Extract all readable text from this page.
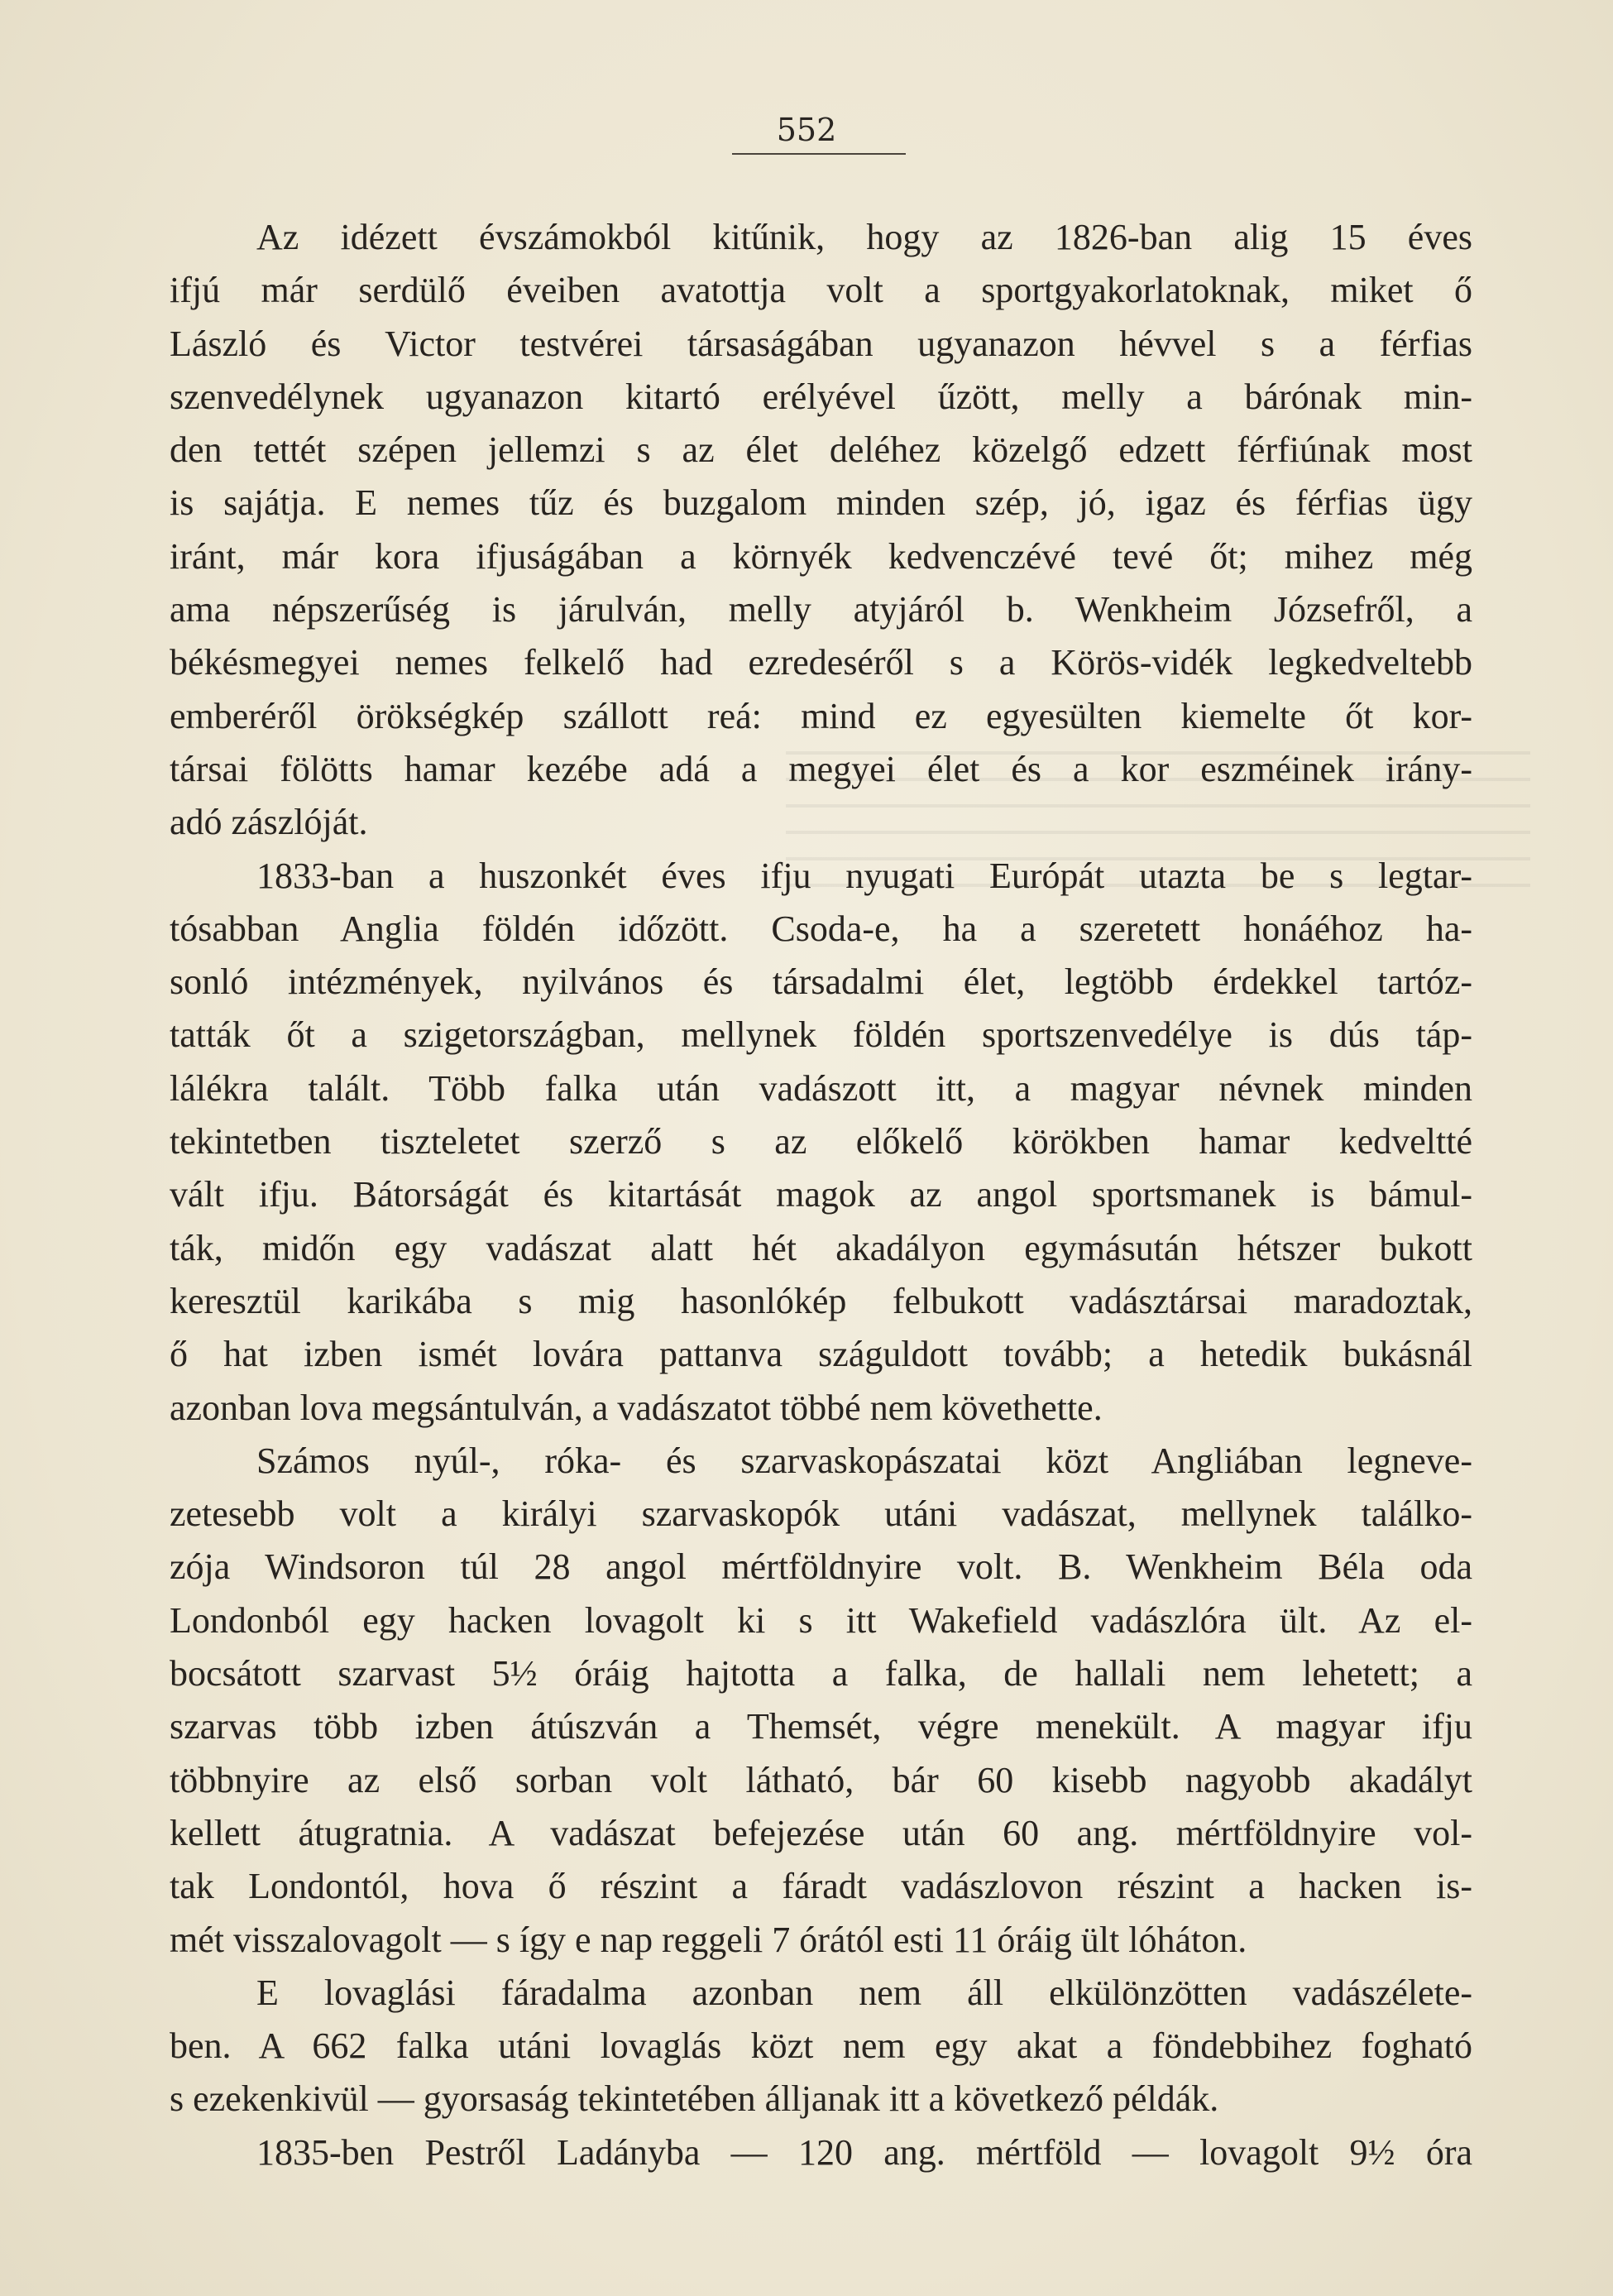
552
Az idézett évszámokból kitűnik, hogy az 1826-ban alig 15 éves
ifjú már serdülő éveiben avatottja volt a sportgyakorlatoknak, miket ő
László és Victor testvérei társaságában ugyanazon hévvel s a férfias
szenvedélynek ugyanazon kitartó erélyével űzött, melly a bárónak min-
den tettét szépen jellemzi s az élet deléhez közelgő edzett férfiúnak most
is sajátja. E nemes tűz és buzgalom minden szép, jó, igaz és férfias ügy
iránt, már kora ifjuságában a környék kedvenczévé tevé őt; mihez még
ama népszerűség is járulván, melly atyjáról b. Wenkheim Józsefről, a
békésmegyei nemes felkelő had ezredeséről s a Körös-vidék legkedveltebb
emberéről örökségkép szállott reá: mind ez egyesülten kiemelte őt kor-
társai fölötts hamar kezébe adá a megyei élet és a kor eszméinek irány-
adó zászlóját.
1833-ban a huszonkét éves ifju nyugati Európát utazta be s legtar-
tósabban Anglia földén időzött. Csoda-e, ha a szeretett honáéhoz ha-
sonló intézmények, nyilvános és társadalmi élet, legtöbb érdekkel tartóz-
tatták őt a szigetországban, mellynek földén sportszenvedélye is dús táp-
lálékra talált. Több falka után vadászott itt, a magyar névnek minden
tekintetben tiszteletet szerző s az előkelő körökben hamar kedveltté
vált ifju. Bátorságát és kitartását magok az angol sportsmanek is bámul-
ták, midőn egy vadászat alatt hét akadályon egymásután hétszer bukott
keresztül karikába s mig hasonlókép felbukott vadásztársai maradoztak,
ő hat izben ismét lovára pattanva száguldott tovább; a hetedik bukásnál
azonban lova megsántulván, a vadászatot többé nem követhette.
Számos nyúl-, róka- és szarvaskopászatai közt Angliában legneve-
zetesebb volt a királyi szarvaskopók utáni vadászat, mellynek találko-
zója Windsoron túl 28 angol mértföldnyire volt. B. Wenkheim Béla oda
Londonból egy hacken lovagolt ki s itt Wakefield vadászlóra ült. Az el-
bocsátott szarvast 5½ óráig hajtotta a falka, de hallali nem lehetett; a
szarvas több izben átúszván a Themsét, végre menekült. A magyar ifju
többnyire az első sorban volt látható, bár 60 kisebb nagyobb akadályt
kellett átugratnia. A vadászat befejezése után 60 ang. mértföldnyire vol-
tak Londontól, hova ő részint a fáradt vadászlovon részint a hacken is-
mét visszalovagolt — s így e nap reggeli 7 órától esti 11 óráig ült lóháton.
E lovaglási fáradalma azonban nem áll elkülönzötten vadászélete-
ben. A 662 falka utáni lovaglás közt nem egy akat a föndebbihez fogható
s ezekenkivül — gyorsaság tekintetében álljanak itt a következő példák.
1835-ben Pestről Ladányba — 120 ang. mértföld — lovagolt 9½ óra
